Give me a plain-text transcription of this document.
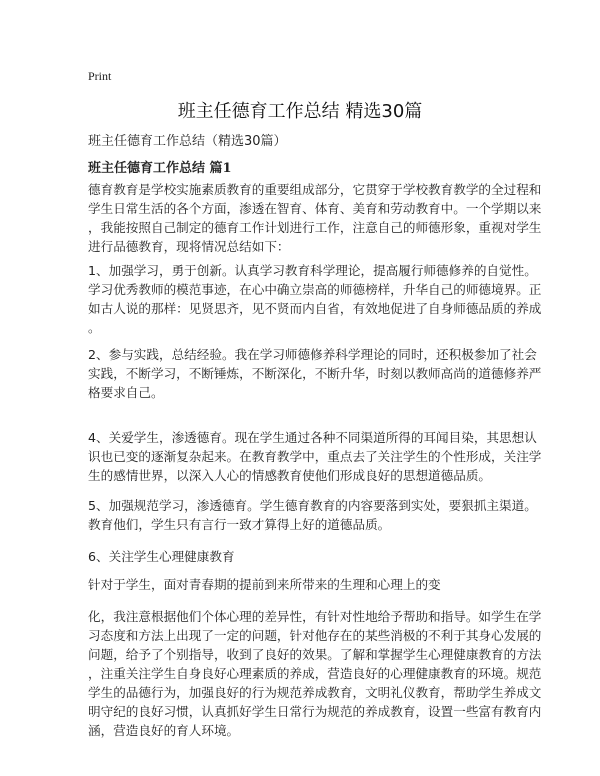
Print
班主任德育工作总结 精选30篇
班主任德育工作总结（精选30篇）
班主任德育工作总结 篇1
德育教育是学校实施素质教育的重要组成部分，它贯穿于学校教育教学的全过程和
学生日常生活的各个方面，渗透在智育、体育、美育和劳动教育中。一个学期以来
，我能按照自己制定的德育工作计划进行工作，注意自己的师德形象，重视对学生
进行品德教育，现将情况总结如下：
1、加强学习，勇于创新。认真学习教育科学理论，提高履行师德修养的自觉性。
学习优秀教师的模范事迹，在心中确立崇高的师德榜样，升华自己的师德境界。正
如古人说的那样：见贤思齐，见不贤而内自省，有效地促进了自身师德品质的养成
。
2、参与实践，总结经验。我在学习师德修养科学理论的同时，还积极参加了社会
实践，不断学习，不断锤炼，不断深化，不断升华，时刻以教师高尚的道德修养严
格要求自己。
4、关爱学生，渗透德育。现在学生通过各种不同渠道所得的耳闻目染，其思想认
识也已变的逐渐复杂起来。在教育教学中，重点去了关注学生的个性形成，关注学
生的感情世界，以深入人心的情感教育使他们形成良好的思想道德品质。
5、加强规范学习，渗透德育。学生德育教育的内容要落到实处，要狠抓主渠道。
教育他们，学生只有言行一致才算得上好的道德品质。
6、关注学生心理健康教育
针对于学生，面对青春期的提前到来所带来的生理和心理上的变
化，我注意根据他们个体心理的差异性，有针对性地给予帮助和指导。如学生在学
习态度和方法上出现了一定的问题，针对他存在的某些消极的不利于其身心发展的
问题，给予了个别指导，收到了良好的效果。了解和掌握学生心理健康教育的方法
，注重关注学生自身良好心理素质的养成，营造良好的心理健康教育的环境。规范
学生的品德行为，加强良好的行为规范养成教育，文明礼仪教育，帮助学生养成文
明守纪的良好习惯，认真抓好学生日常行为规范的养成教育，设置一些富有教育内
涵，营造良好的育人环境。
